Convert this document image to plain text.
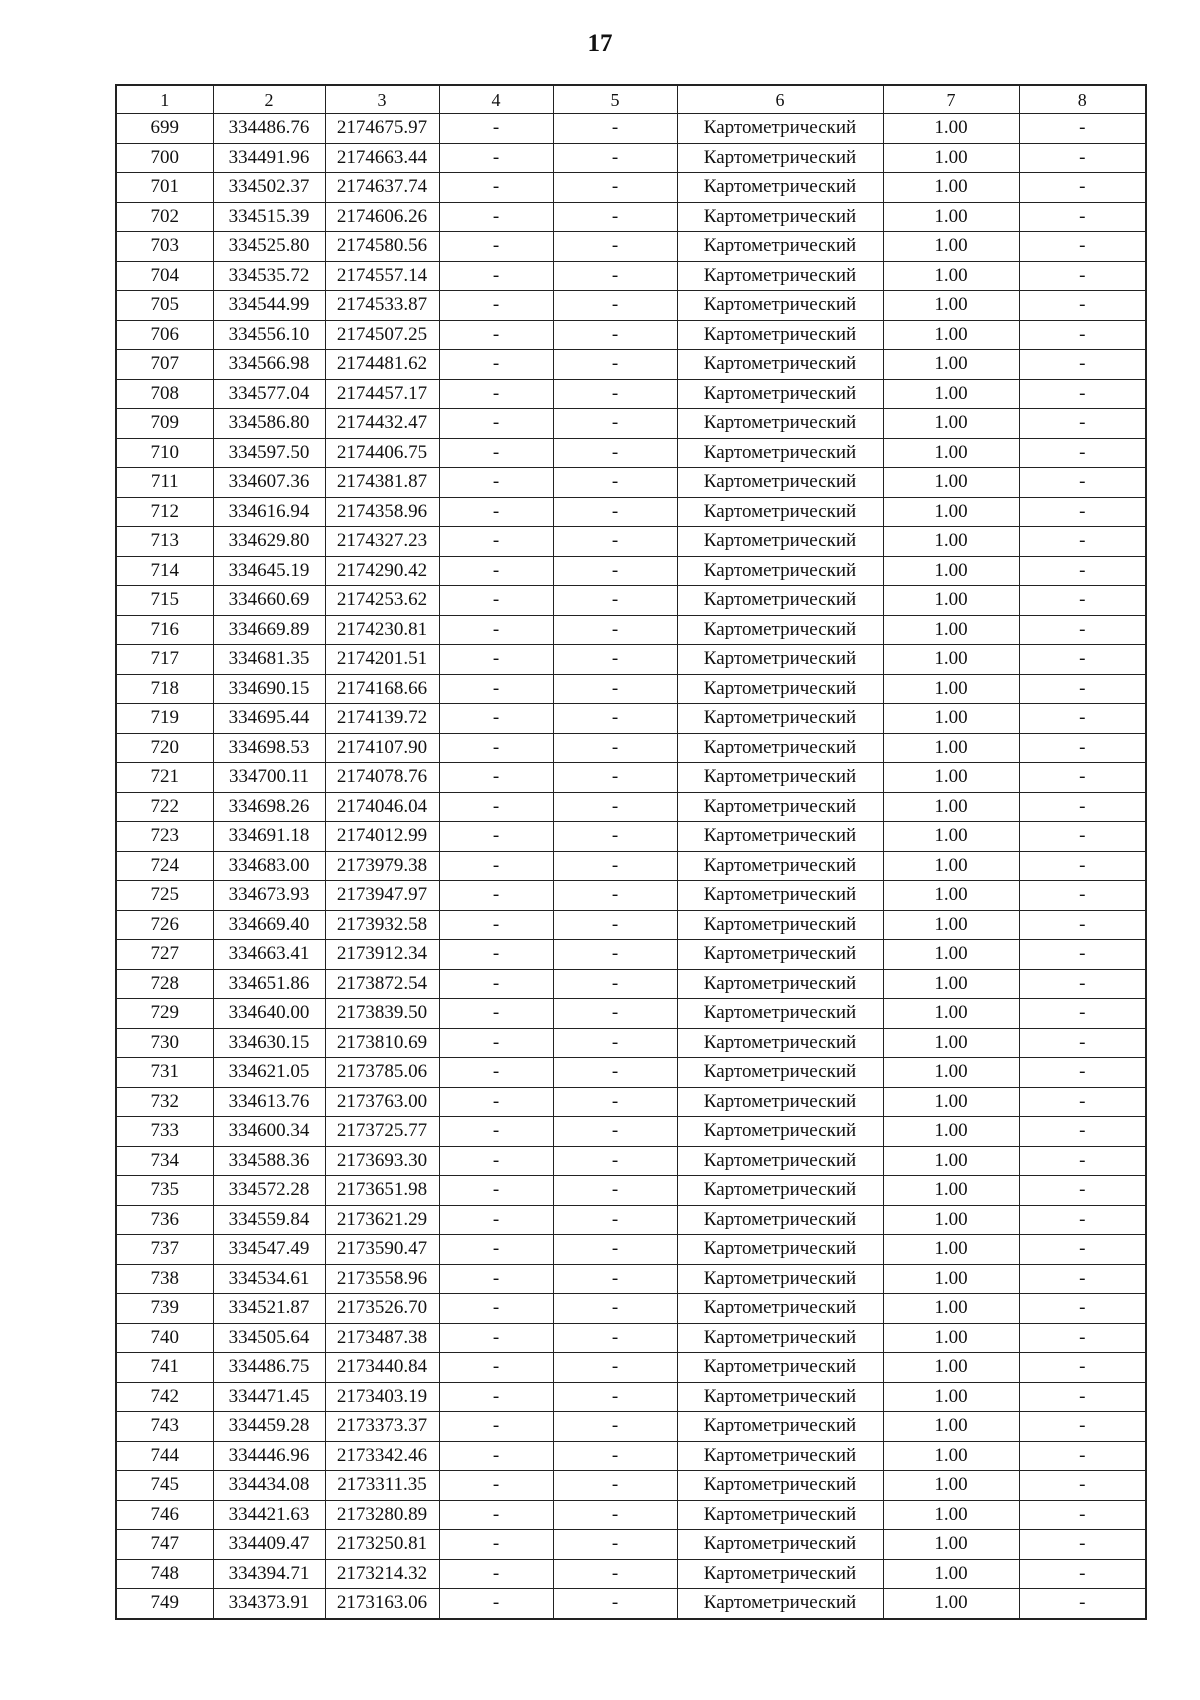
17
1	2	3	4	5	6	7	8
699	334486.76	2174675.97	-	-	Картометрический	1.00	-
700	334491.96	2174663.44	-	-	Картометрический	1.00	-
701	334502.37	2174637.74	-	-	Картометрический	1.00	-
702	334515.39	2174606.26	-	-	Картометрический	1.00	-
703	334525.80	2174580.56	-	-	Картометрический	1.00	-
704	334535.72	2174557.14	-	-	Картометрический	1.00	-
705	334544.99	2174533.87	-	-	Картометрический	1.00	-
706	334556.10	2174507.25	-	-	Картометрический	1.00	-
707	334566.98	2174481.62	-	-	Картометрический	1.00	-
708	334577.04	2174457.17	-	-	Картометрический	1.00	-
709	334586.80	2174432.47	-	-	Картометрический	1.00	-
710	334597.50	2174406.75	-	-	Картометрический	1.00	-
711	334607.36	2174381.87	-	-	Картометрический	1.00	-
712	334616.94	2174358.96	-	-	Картометрический	1.00	-
713	334629.80	2174327.23	-	-	Картометрический	1.00	-
714	334645.19	2174290.42	-	-	Картометрический	1.00	-
715	334660.69	2174253.62	-	-	Картометрический	1.00	-
716	334669.89	2174230.81	-	-	Картометрический	1.00	-
717	334681.35	2174201.51	-	-	Картометрический	1.00	-
718	334690.15	2174168.66	-	-	Картометрический	1.00	-
719	334695.44	2174139.72	-	-	Картометрический	1.00	-
720	334698.53	2174107.90	-	-	Картометрический	1.00	-
721	334700.11	2174078.76	-	-	Картометрический	1.00	-
722	334698.26	2174046.04	-	-	Картометрический	1.00	-
723	334691.18	2174012.99	-	-	Картометрический	1.00	-
724	334683.00	2173979.38	-	-	Картометрический	1.00	-
725	334673.93	2173947.97	-	-	Картометрический	1.00	-
726	334669.40	2173932.58	-	-	Картометрический	1.00	-
727	334663.41	2173912.34	-	-	Картометрический	1.00	-
728	334651.86	2173872.54	-	-	Картометрический	1.00	-
729	334640.00	2173839.50	-	-	Картометрический	1.00	-
730	334630.15	2173810.69	-	-	Картометрический	1.00	-
731	334621.05	2173785.06	-	-	Картометрический	1.00	-
732	334613.76	2173763.00	-	-	Картометрический	1.00	-
733	334600.34	2173725.77	-	-	Картометрический	1.00	-
734	334588.36	2173693.30	-	-	Картометрический	1.00	-
735	334572.28	2173651.98	-	-	Картометрический	1.00	-
736	334559.84	2173621.29	-	-	Картометрический	1.00	-
737	334547.49	2173590.47	-	-	Картометрический	1.00	-
738	334534.61	2173558.96	-	-	Картометрический	1.00	-
739	334521.87	2173526.70	-	-	Картометрический	1.00	-
740	334505.64	2173487.38	-	-	Картометрический	1.00	-
741	334486.75	2173440.84	-	-	Картометрический	1.00	-
742	334471.45	2173403.19	-	-	Картометрический	1.00	-
743	334459.28	2173373.37	-	-	Картометрический	1.00	-
744	334446.96	2173342.46	-	-	Картометрический	1.00	-
745	334434.08	2173311.35	-	-	Картометрический	1.00	-
746	334421.63	2173280.89	-	-	Картометрический	1.00	-
747	334409.47	2173250.81	-	-	Картометрический	1.00	-
748	334394.71	2173214.32	-	-	Картометрический	1.00	-
749	334373.91	2173163.06	-	-	Картометрический	1.00	-
